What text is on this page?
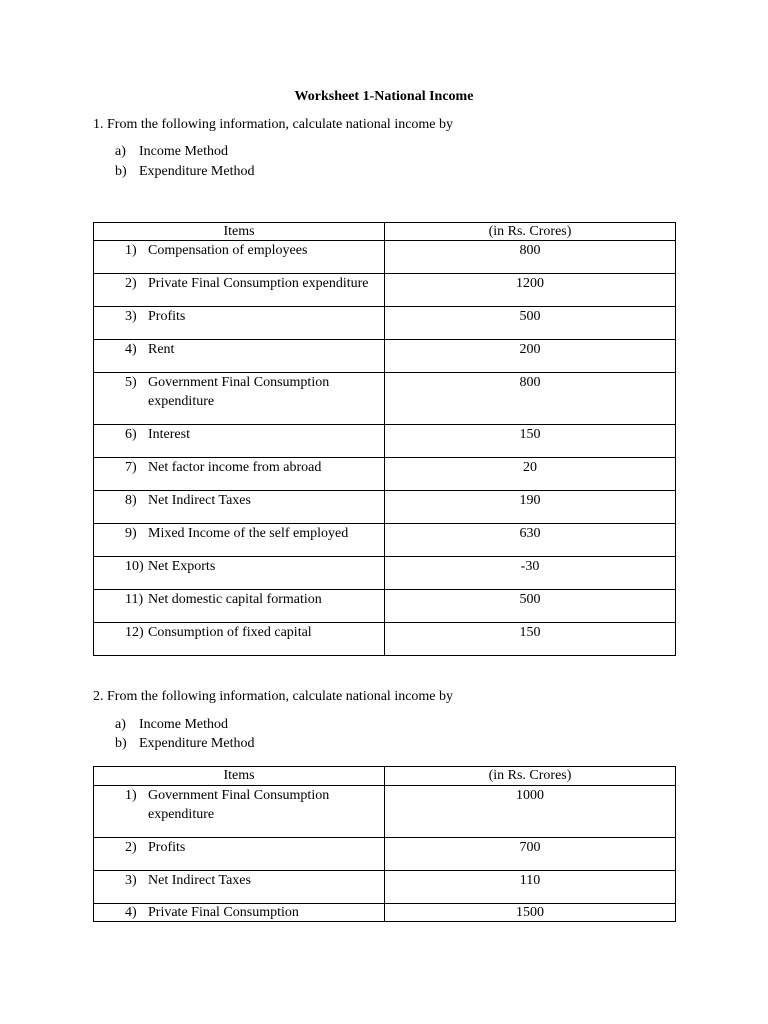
Worksheet 1-National Income
1. From the following information, calculate national income by
a) Income Method
b) Expenditure Method
Items	(in Rs. Crores)

1) Compensation of employees	800

2) Private Final Consumption expenditure	1200

3) Profits	500

4) Rent	200

5) Government Final Consumption expenditure	800

6) Interest	150

7) Net factor income from abroad	20

8) Net Indirect Taxes	190

9) Mixed Income of the self employed	630

10) Net Exports	-30

11) Net domestic capital formation	500

12) Consumption of fixed capital	150
2. From the following information, calculate national income by
a) Income Method
b) Expenditure Method
Items	(in Rs. Crores)

1) Government Final Consumption expenditure	1000

2) Profits	700

3) Net Indirect Taxes	110

4) Private Final Consumption	1500
